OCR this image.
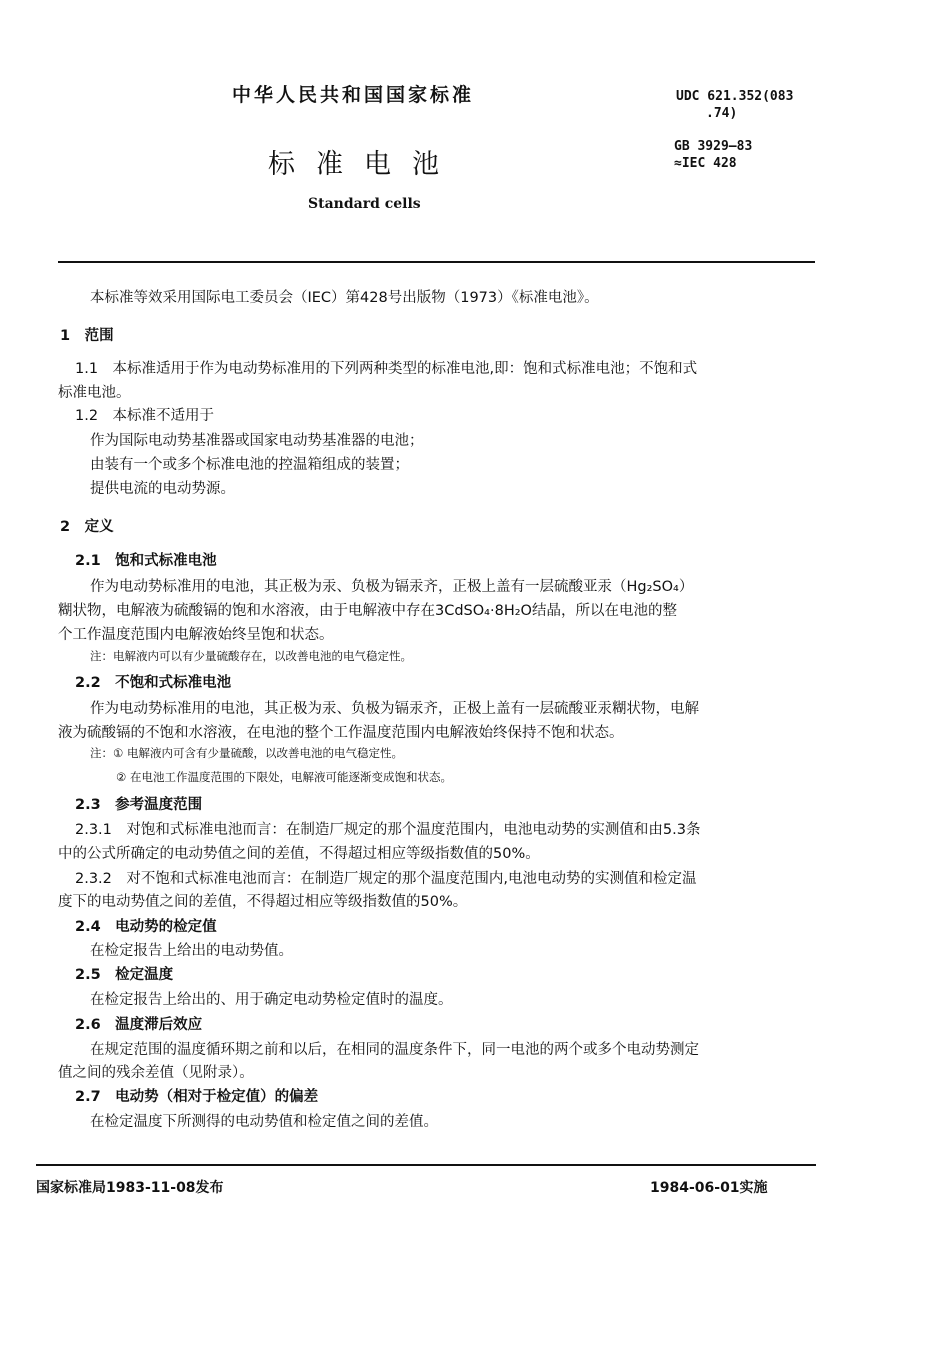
中华人民共和国国家标准
标准电池
Standard cells
UDC 621.352(083
.74)
GB 3929—83
≈IEC 428
本标准等效采用国际电工委员会（IEC）第428号出版物（1973）《标准电池》。
1　范围
1.1　本标准适用于作为电动势标准用的下列两种类型的标准电池,即：饱和式标准电池；不饱和式
标准电池。
1.2　本标准不适用于
作为国际电动势基准器或国家电动势基准器的电池；
由装有一个或多个标准电池的控温箱组成的装置；
提供电流的电动势源。
2　定义
2.1　饱和式标准电池
作为电动势标准用的电池，其正极为汞、负极为镉汞齐，正极上盖有一层硫酸亚汞（Hg₂SO₄）
糊状物，电解液为硫酸镉的饱和水溶液，由于电解液中存在3CdSO₄·8H₂O结晶，所以在电池的整
个工作温度范围内电解液始终呈饱和状态。
注：电解液内可以有少量硫酸存在，以改善电池的电气稳定性。
2.2　不饱和式标准电池
作为电动势标准用的电池，其正极为汞、负极为镉汞齐，正极上盖有一层硫酸亚汞糊状物，电解
液为硫酸镉的不饱和水溶液，在电池的整个工作温度范围内电解液始终保持不饱和状态。
注：① 电解液内可含有少量硫酸，以改善电池的电气稳定性。
② 在电池工作温度范围的下限处，电解液可能逐渐变成饱和状态。
2.3　参考温度范围
2.3.1　对饱和式标准电池而言：在制造厂规定的那个温度范围内，电池电动势的实测值和由5.3条
中的公式所确定的电动势值之间的差值，不得超过相应等级指数值的50%。
2.3.2　对不饱和式标准电池而言：在制造厂规定的那个温度范围内,电池电动势的实测值和检定温
度下的电动势值之间的差值，不得超过相应等级指数值的50%。
2.4　电动势的检定值
在检定报告上给出的电动势值。
2.5　检定温度
在检定报告上给出的、用于确定电动势检定值时的温度。
2.6　温度滞后效应
在规定范围的温度循环期之前和以后，在相同的温度条件下，同一电池的两个或多个电动势测定
值之间的残余差值（见附录）。
2.7　电动势（相对于检定值）的偏差
在检定温度下所测得的电动势值和检定值之间的差值。
国家标准局1983-11-08发布	1984-06-01实施
